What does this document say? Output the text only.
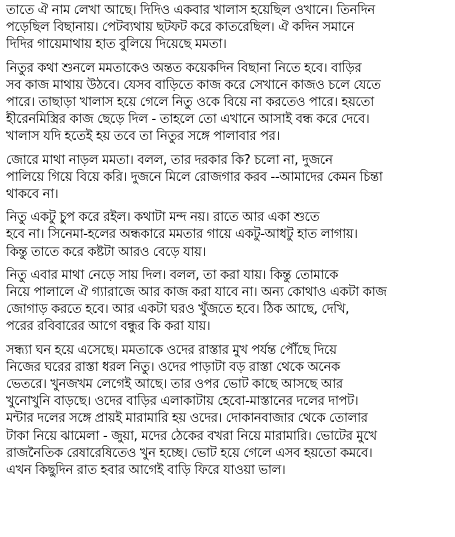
তাতে ঐ নাম লেখা আছে। দিদিও একবার খালাস হয়েছিল ওখানে। তিনদিন
পড়েছিল বিছানায়। পেটব্যথায় ছটফট করে কাতরেছিল। ঐ কদিন সমানে
দিদির গায়েমাথায় হাত বুলিয়ে দিয়েছে মমতা।
নিতুর কথা শুনলে মমতাকেও অন্তত কয়েকদিন বিছানা নিতে হবে। বাড়ির
সব কাজ মাথায় উঠবে। যেসব বাড়িতে কাজ করে সেখানে কাজও চলে যেতে
পারে। তাছাড়া খালাস হয়ে গেলে নিতু ওকে বিয়ে না করতেও পারে। হয়তো
হীরেনমিস্ত্রির কাজ ছেড়ে দিল - তাহলে তো এখানে আসাই বন্ধ করে দেবে।
খালাস যদি হতেই হয় তবে তা নিতুর সঙ্গে পালাবার পর।
জোরে মাথা নাড়ল মমতা। বলল, তার দরকার কি? চলো না, দুজনে
পালিয়ে গিয়ে বিয়ে করি। দুজনে মিলে রোজগার করব --আমাদের কেমন চিন্তা
থাকবে না।
নিতু একটু চুপ করে রইল। কথাটা মন্দ নয়। রাতে আর একা শুতে
হবে না। সিনেমা-হলের অন্ধকারে মমতার গায়ে একটু-আধটু হাত লাগায়।
কিন্তু তাতে করে কষ্টটা আরও বেড়ে যায়।
নিতু এবার মাথা নেড়ে সায় দিল। বলল, তা করা যায়। কিন্তু তোমাকে
নিয়ে পালালে ঐ গ্যারাজে আর কাজ করা যাবে না। অন্য কোথাও একটা কাজ
জোগাড় করতে হবে। আর একটা ঘরও খুঁজতে হবে। ঠিক আছে, দেখি,
পরের রবিবারের আগে বন্ধুর কি করা যায়।
সন্ধ্যা ঘন হয়ে এসেছে। মমতাকে ওদের রাস্তার মুখ পর্যন্ত পৌঁছে দিয়ে
নিজের ঘরের রাস্তা ধরল নিতু। ওদের পাড়াটা বড় রাস্তা থেকে অনেক
ভেতরে। খুনজখম লেগেই আছে। তার ওপর ভোট কাছে আসছে আর
খুনোখুনি বাড়ছে। ওদের বাড়ির এলাকাটায় হেবো-মাস্তানের দলের দাপট।
মন্টার দলের সঙ্গে প্রায়ই মারামারি হয় ওদের। দোকানবাজার থেকে তোলার
টাকা নিয়ে ঝামেলা - জুয়া, মদের ঠেকের বখরা নিয়ে মারামারি। ভোটের মুখে
রাজনৈতিক রেষারেষিতেও খুন হচ্ছে। ভোট হয়ে গেলে এসব হয়তো কমবে।
এখন কিছুদিন রাত হবার আগেই বাড়ি ফিরে যাওয়া ভাল।
